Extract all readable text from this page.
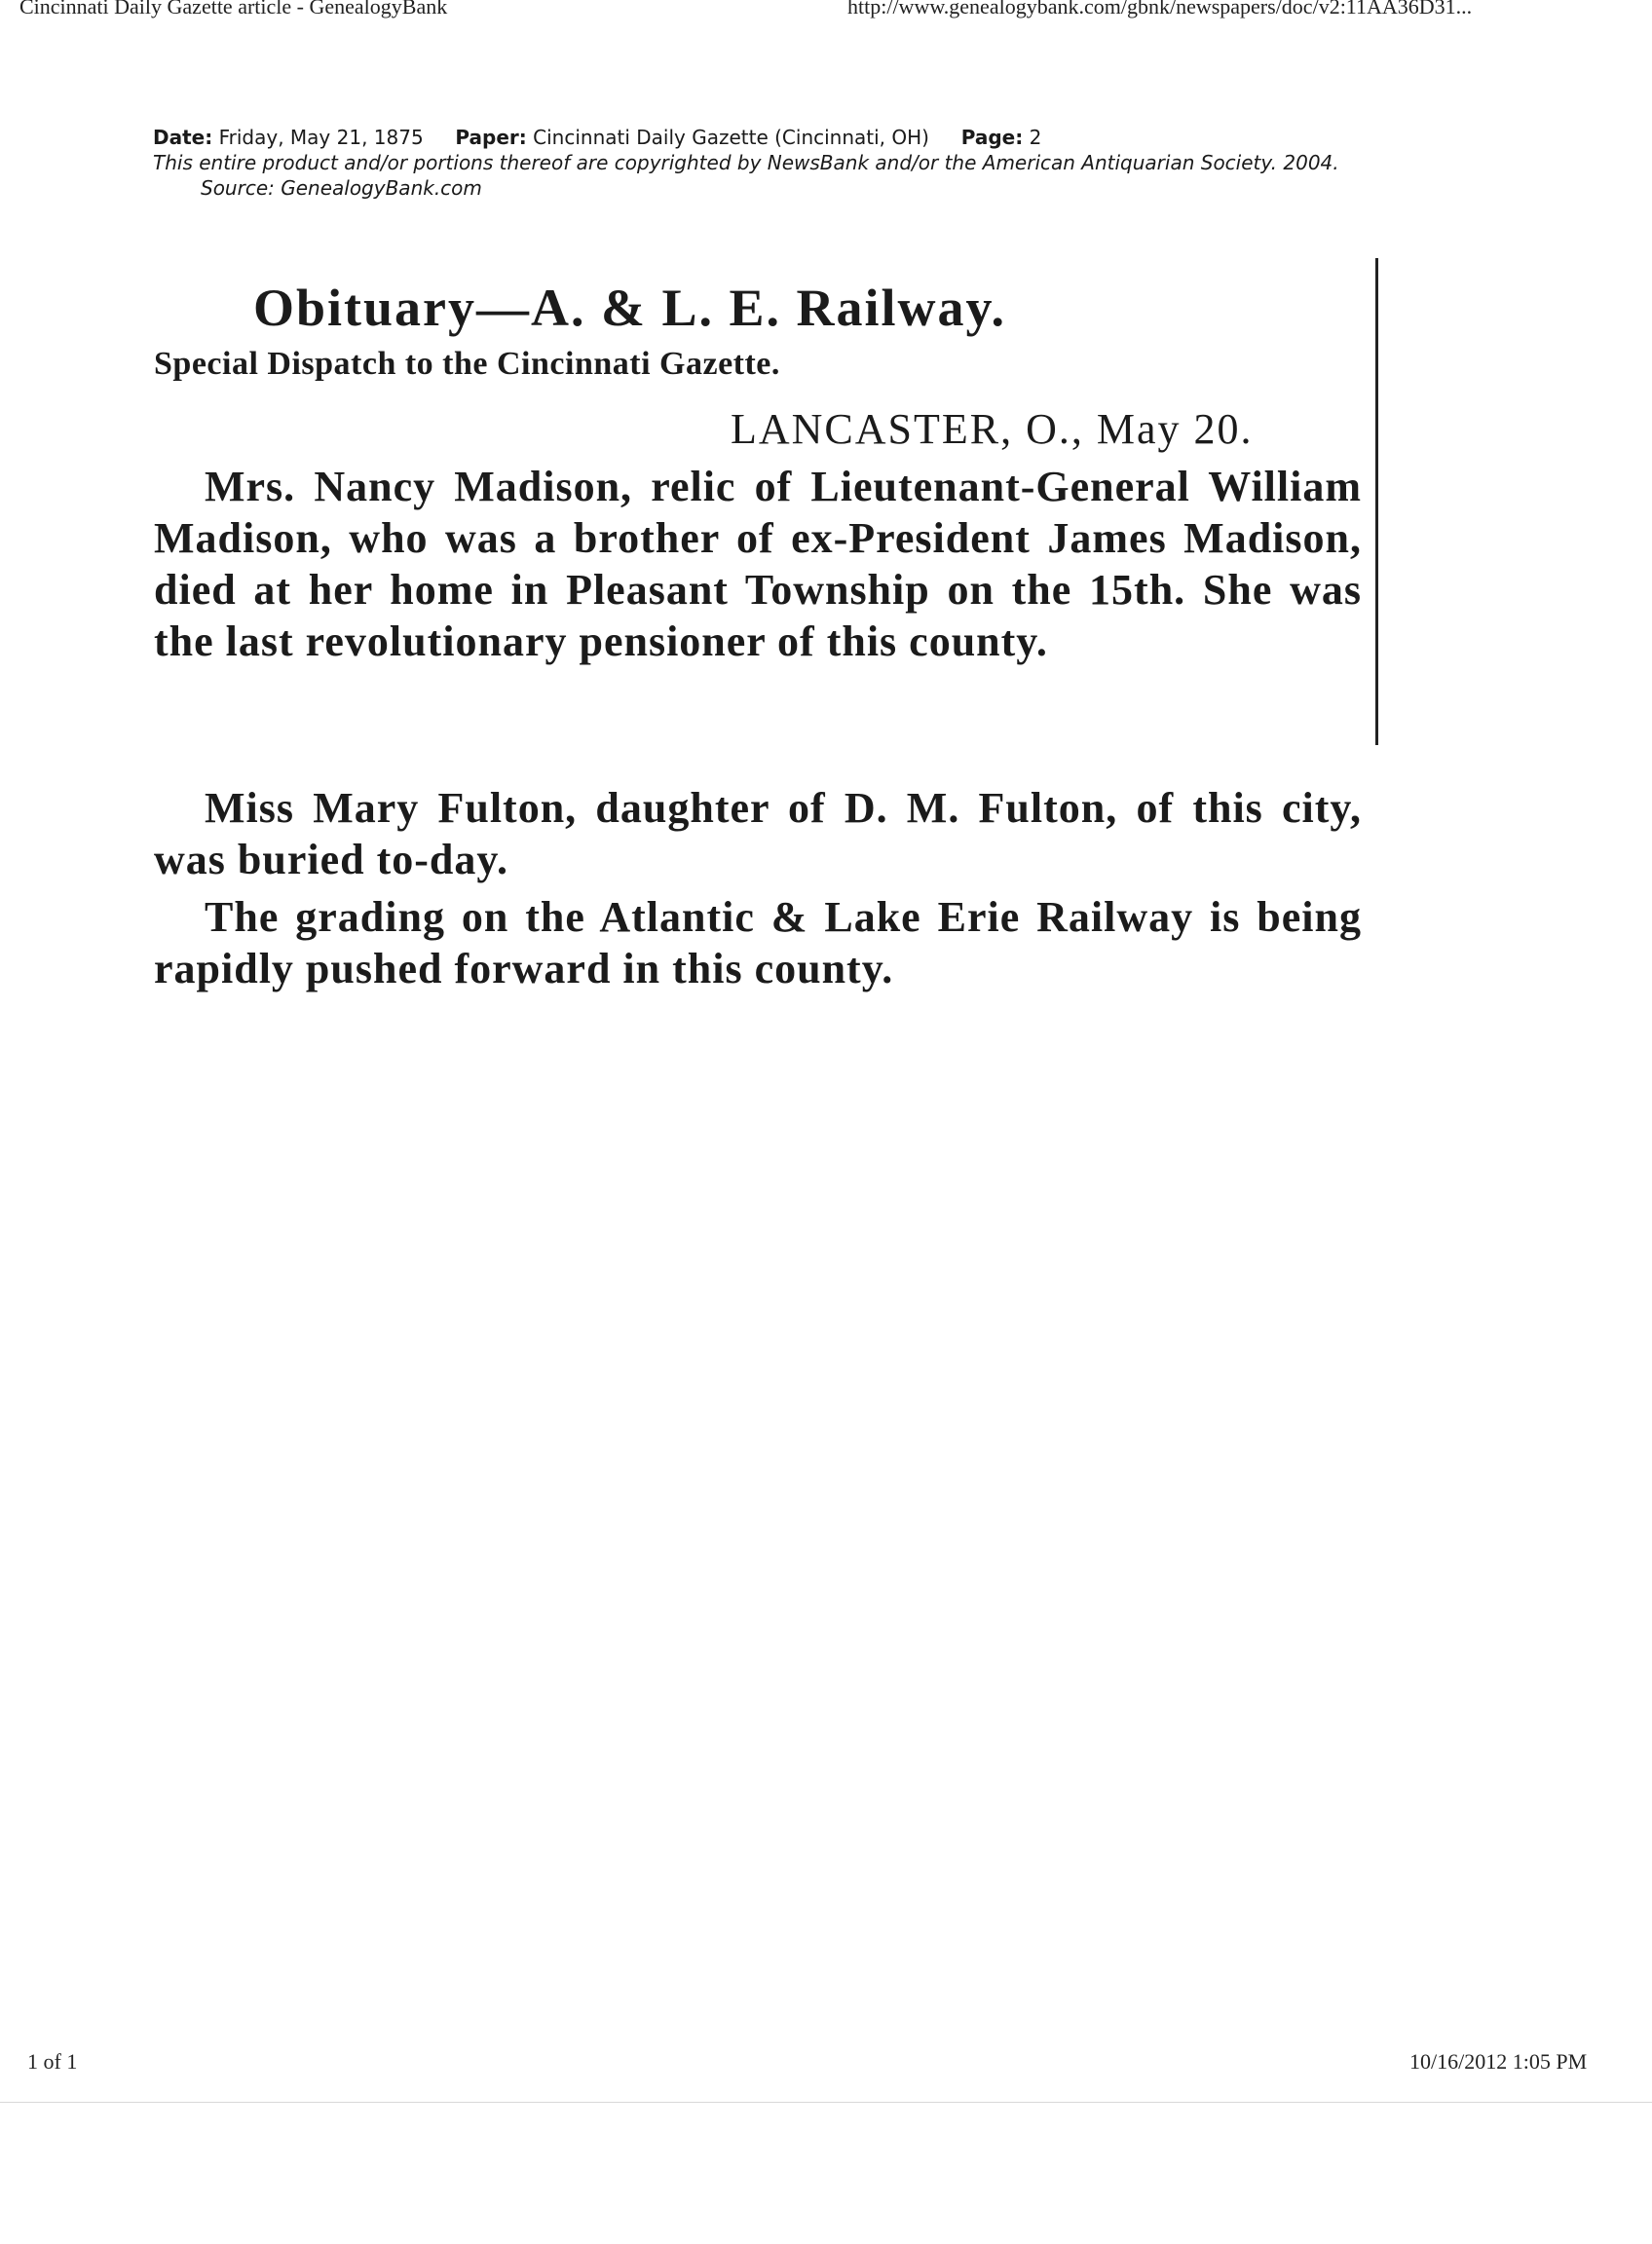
Cincinnati Daily Gazette article - GenealogyBank	http://www.genealogybank.com/gbnk/newspapers/doc/v2:11AA36D31...
Date: Friday, May 21, 1875 Paper: Cincinnati Daily Gazette (Cincinnati, OH) Page: 2
This entire product and/or portions thereof are copyrighted by NewsBank and/or the American Antiquarian Society. 2004.
Source: GenealogyBank.com
Obituary—A. & L. E. Railway.
Special Dispatch to the Cincinnati Gazette.
LANCASTER, O., May 20.
Mrs. Nancy Madison, relic of Lieutenant-General William Madison, who was a brother of ex-President James Madison, died at her home in Pleasant Township on the 15th. She was the last revolutionary pensioner of this county.
Miss Mary Fulton, daughter of D. M. Fulton, of this city, was buried to-day.
The grading on the Atlantic & Lake Erie Railway is being rapidly pushed forward in this county.
1 of 1	10/16/2012 1:05 PM
